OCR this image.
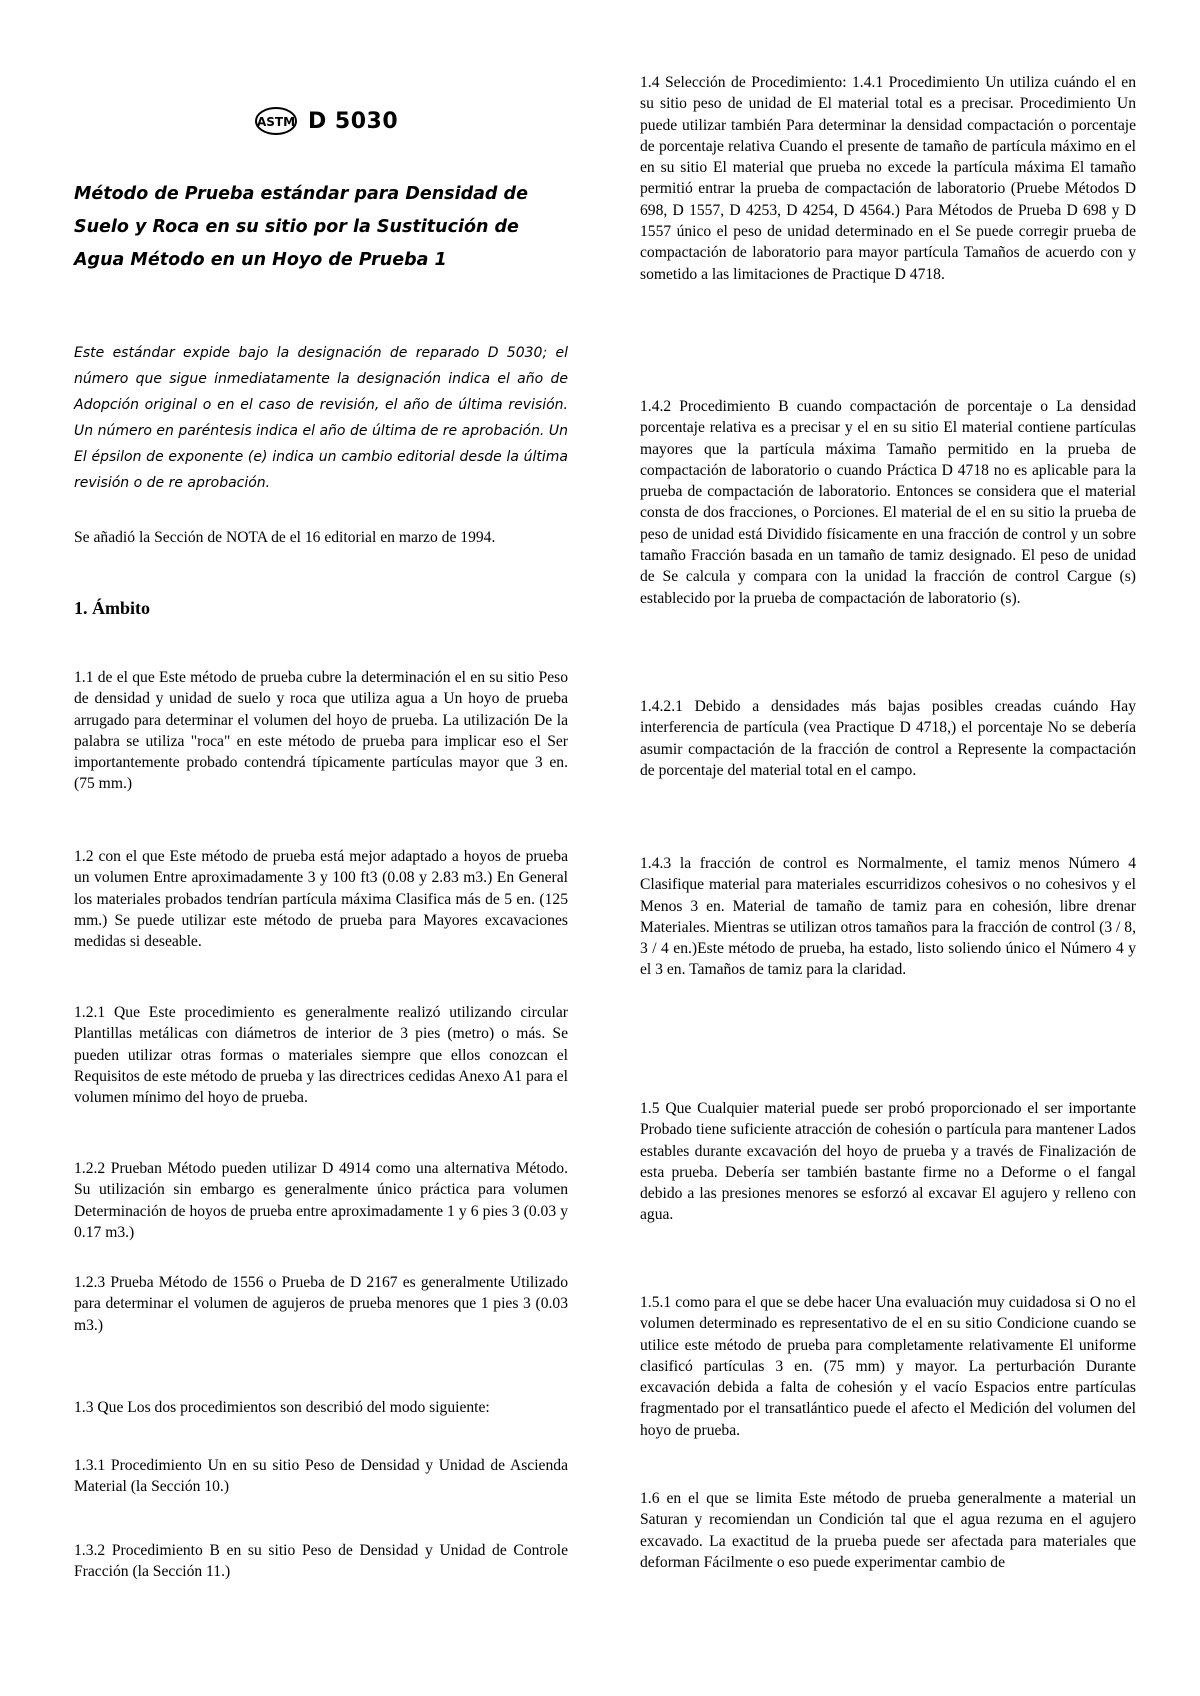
ASTM D 5030
Método de Prueba estándar para Densidad de Suelo y Roca en su sitio por la Sustitución de Agua Método en un Hoyo de Prueba 1
Este estándar expide bajo la designación de reparado D 5030; el número que sigue inmediatamente la designación indica el año de Adopción original o en el caso de revisión, el año de última revisión. Un número en paréntesis indica el año de última de re aprobación. Un El épsilon de exponente (e) indica un cambio editorial desde la última revisión o de re aprobación.
Se añadió la Sección de NOTA de el 16 editorial en marzo de 1994.
1. Ámbito
1.1 de el que Este método de prueba cubre la determinación el en su sitio Peso de densidad y unidad de suelo y roca que utiliza agua a Un hoyo de prueba arrugado para determinar el volumen del hoyo de prueba. La utilización De la palabra se utiliza "roca" en este método de prueba para implicar eso el Ser importantemente probado contendrá típicamente partículas mayor que 3 en. (75 mm.)
1.2 con el que Este método de prueba está mejor adaptado a hoyos de prueba un volumen Entre aproximadamente 3 y 100 ft3 (0.08 y 2.83 m3.) En General los materiales probados tendrían partícula máxima Clasifica más de 5 en. (125 mm.) Se puede utilizar este método de prueba para Mayores excavaciones medidas si deseable.
1.2.1 Que Este procedimiento es generalmente realizó utilizando circular Plantillas metálicas con diámetros de interior de 3 pies (metro) o más. Se pueden utilizar otras formas o materiales siempre que ellos conozcan el Requisitos de este método de prueba y las directrices cedidas Anexo A1 para el volumen mínimo del hoyo de prueba.
1.2.2 Prueban Método pueden utilizar D 4914 como una alternativa Método. Su utilización sin embargo es generalmente único práctica para volumen Determinación de hoyos de prueba entre aproximadamente 1 y 6 pies 3 (0.03 y 0.17 m3.)
1.2.3 Prueba Método de 1556 o Prueba de D 2167 es generalmente Utilizado para determinar el volumen de agujeros de prueba menores que 1 pies 3 (0.03 m3.)
1.3 Que Los dos procedimientos son describió del modo siguiente:
1.3.1 Procedimiento Un en su sitio Peso de Densidad y Unidad de Ascienda Material (la Sección 10.)
1.3.2 Procedimiento B en su sitio Peso de Densidad y Unidad de Controle Fracción (la Sección 11.)
1.4 Selección de Procedimiento: 1.4.1 Procedimiento Un utiliza cuándo el en su sitio peso de unidad de El material total es a precisar. Procedimiento Un puede utilizar también Para determinar la densidad compactación o porcentaje de porcentaje relativa Cuando el presente de tamaño de partícula máximo en el en su sitio El material que prueba no excede la partícula máxima El tamaño permitió entrar la prueba de compactación de laboratorio (Pruebe Métodos D 698, D 1557, D 4253, D 4254, D 4564.) Para Métodos de Prueba D 698 y D 1557 único el peso de unidad determinado en el Se puede corregir prueba de compactación de laboratorio para mayor partícula Tamaños de acuerdo con y sometido a las limitaciones de Practique D 4718.
1.4.2 Procedimiento B cuando compactación de porcentaje o La densidad porcentaje relativa es a precisar y el en su sitio El material contiene partículas mayores que la partícula máxima Tamaño permitido en la prueba de compactación de laboratorio o cuando Práctica D 4718 no es aplicable para la prueba de compactación de laboratorio. Entonces se considera que el material consta de dos fracciones, o Porciones. El material de el en su sitio la prueba de peso de unidad está Dividido físicamente en una fracción de control y un sobre tamaño Fracción basada en un tamaño de tamiz designado. El peso de unidad de Se calcula y compara con la unidad la fracción de control Cargue (s) establecido por la prueba de compactación de laboratorio (s).
1.4.2.1 Debido a densidades más bajas posibles creadas cuándo Hay interferencia de partícula (vea Practique D 4718,) el porcentaje No se debería asumir compactación de la fracción de control a Represente la compactación de porcentaje del material total en el campo.
1.4.3 la fracción de control es Normalmente, el tamiz menos Número 4 Clasifique material para materiales escurridizos cohesivos o no cohesivos y el Menos 3 en. Material de tamaño de tamiz para en cohesión, libre drenar Materiales. Mientras se utilizan otros tamaños para la fracción de control (3 / 8, 3 / 4 en.)Este método de prueba, ha estado, listo soliendo único el Número 4 y el 3 en. Tamaños de tamiz para la claridad.
1.5 Que Cualquier material puede ser probó proporcionado el ser importante Probado tiene suficiente atracción de cohesión o partícula para mantener Lados estables durante excavación del hoyo de prueba y a través de Finalización de esta prueba. Debería ser también bastante firme no a Deforme o el fangal debido a las presiones menores se esforzó al excavar El agujero y relleno con agua.
1.5.1 como para el que se debe hacer Una evaluación muy cuidadosa si O no el volumen determinado es representativo de el en su sitio Condicione cuando se utilice este método de prueba para completamente relativamente El uniforme clasificó partículas 3 en. (75 mm) y mayor. La perturbación Durante excavación debida a falta de cohesión y el vacío Espacios entre partículas fragmentado por el transatlántico puede el afecto el Medición del volumen del hoyo de prueba.
1.6 en el que se limita Este método de prueba generalmente a material un Saturan y recomiendan un Condición tal que el agua rezuma en el agujero excavado. La exactitud de la prueba puede ser afectada para materiales que deforman Fácilmente o eso puede experimentar cambio de
